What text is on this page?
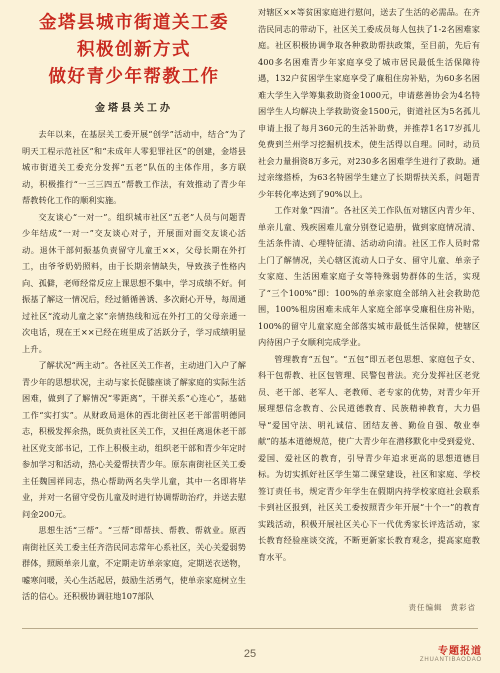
金塔县城市街道关工委
积极创新方式
做好青少年帮教工作
金塔县关工办

去年以来，在基层关工委开展“创学”活动中，结合“为了明天工程示范社区”和“未成年人零犯罪社区”的创建，金塔县城市街道关工委充分发挥“五老”队伍的主体作用，多方联动，积极推行“一三三四五”帮教工作法，有效推动了青少年帮教转化工作的顺利实施。

交友谈心“一对一”。组织城市社区“五老”人员与问题青少年结成“一对一”交友谈心对子，开展面对面交友谈心活动。退休干部何振基负责留守儿童王××，父母长期在外打工，由爷爷奶奶照料，由于长期亲情缺失，导致孩子性格内向、孤僻，老师经常反应上课思想不集中，学习成绩不好。何振基了解这一情况后，经过循循善诱、多次耐心开导，每周通过社区“流动儿童之家”亲情热线和远在外打工的父母亲通一次电话，现在王××已经在班里成了活跃分子，学习成绩明显上升。

了解状况“两主动”。各社区关工作者，主动进门入户了解青少年的思想状况，主动与家长促膝座谈了解家庭的实际生活困难，做到了了解情况“零距离”，干群关系“心连心”，基础工作“实打实”。从财政局退休的西北街社区老干部雷明德同志，积极发挥余热，既负责社区关工作，又担任离退休老干部社区党支部书记，工作上积极主动，组织老干部和青少年定时参加学习和活动，热心关爱帮扶青少年。原东南街社区关工委主任魏国祥同志，热心帮助两名失学儿童，其中一名即将毕业，并对一名留守受伤儿童及时进行协调帮助治疗，并送去慰问金200元。

思想生活“三帮”。“三帮”即帮扶、帮教、帮就业。原西南街社区关工委主任齐浩民同志常年心系社区，关心关爱弱势群体，照顾单亲儿童，不定期走访单亲家庭，定期送衣送物，嘘寒问暖，关心生活起居，鼓励生活勇气，使单亲家庭树立生活的信心。还积极协调驻地107部队

对辖区××等贫困家庭进行慰问，送去了生活的必需品。在齐浩民同志的带动下，社区关工委成员每人包扶了1-2名困难家庭。社区积极协调争取各种救助帮扶政策，至目前，先后有400多名困难青少年家庭享受了城市居民最低生活保障待遇，132户贫困学生家庭享受了廉租住房补贴，为60多名困难大学生入学筹集救助资金1000元，申请慈善协会为4名特困学生人均解决上学救助资金1500元，街道社区为5名孤儿申请上报了每月360元的生活补助费，并推荐1名17岁孤儿免费到兰州学习挖掘机技术，使生活得以自理。同时，动员社会力量捐资8万多元，对230多名困难学生进行了救助。通过亲缘搭桥，为63名特困学生建立了长期帮扶关系，问题青少年转化率达到了90%以上。

工作对象“四清”。各社区关工作队伍对辖区内青少年、单亲儿童、残疾困难儿童分别登记造册，做到家庭情况清、生活条件清、心理特征清、活动动向清。社区工作人员时常上门了解情况，关心辖区流动人口子女、留守儿童、单亲子女家庭、生活困难家庭子女等特殊弱势群体的生活，实现了“三个100%”即：100%的单亲家庭全部纳入社会救助范围，100%租房困难未成年人家庭全部享受廉租住房补贴，100%的留守儿童家庭全部落实城市最低生活保障，使辖区内待困户子女顺利完成学业。

管理教育“五包”。“五包”即五老包思想、家庭包子女、科干包帮教、社区包管理、民警包普法。充分发挥社区老党员、老干部、老军人、老教师、老专家的优势，对青少年开展理想信念教育、公民道德教育、民族精神教育，大力倡导“爱国守法、明礼诚信、团结友善、勤俭自强、敬业奉献”的基本道德规范，使广大青少年在潜移默化中受到爱党、爱国、爱社区的教育，引导青少年追求更高的思想道德目标。为切实抓好社区学生第二课堂建设，社区和家庭、学校签订责任书，规定青少年学生在假期内持学校家庭社会联系卡到社区报到，社区关工委按照青少年开展“十个一”的教育实践活动，积极开展社区关心下一代优秀家长评选活动，家长教育经验座谈交流，不断更新家长教育观念，提高家庭教育水平。

责任编辑 黄彩省
25	专题报道
ZHUANTIBAODAO
